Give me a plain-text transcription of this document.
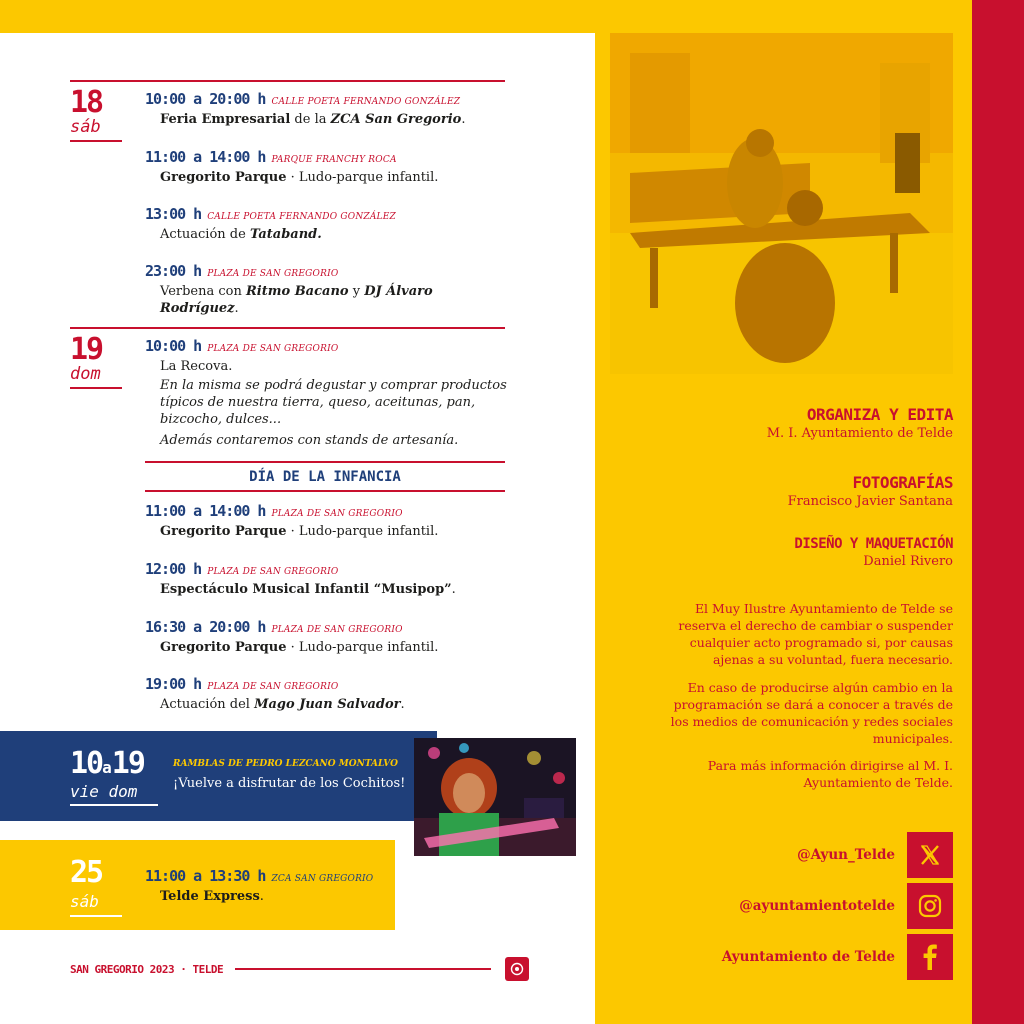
18
sáb
10:00 a 20:00 h CALLE POETA FERNANDO GONZÁLEZ
Feria Empresarial de la ZCA San Gregorio.
11:00 a 14:00 h PARQUE FRANCHY ROCA
Gregorito Parque · Ludo-parque infantil.
13:00 h CALLE POETA FERNANDO GONZÁLEZ
Actuación de Tataband.
23:00 h PLAZA DE SAN GREGORIO
Verbena con Ritmo Bacano y DJ Álvaro Rodríguez.
19
dom
10:00 h PLAZA DE SAN GREGORIO
La Recova.
En la misma se podrá degustar y comprar productos típicos de nuestra tierra, queso, aceitunas, pan, bizcocho, dulces...
Además contaremos con stands de artesanía.
DÍA DE LA INFANCIA
11:00 a 14:00 h PLAZA DE SAN GREGORIO
Gregorito Parque · Ludo-parque infantil.
12:00 h PLAZA DE SAN GREGORIO
Espectáculo Musical Infantil “Musipop”.
16:30 a 20:00 h PLAZA DE SAN GREGORIO
Gregorito Parque · Ludo-parque infantil.
19:00 h PLAZA DE SAN GREGORIO
Actuación del Mago Juan Salvador.
10a19
vie dom
RAMBLAS DE PEDRO LEZCANO MONTALVO
¡Vuelve a disfrutar de los Cochitos!
25
sáb
11:00 a 13:30 h ZCA SAN GREGORIO
Telde Express.
SAN GREGORIO 2023 · TELDE
ORGANIZA Y EDITA
M. I. Ayuntamiento de Telde
FOTOGRAFÍAS
Francisco Javier Santana
DISEÑO Y MAQUETACIÓN
Daniel Rivero
El Muy Ilustre Ayuntamiento de Telde se reserva el derecho de cambiar o suspender cualquier acto programado si, por causas ajenas a su voluntad, fuera necesario.
En caso de producirse algún cambio en la programación se dará a conocer a través de los medios de comunicación y redes sociales municipales.
Para más información dirigirse al M. I. Ayuntamiento de Telde.
@Ayun_Telde
@ayuntamientotelde
Ayuntamiento de Telde
